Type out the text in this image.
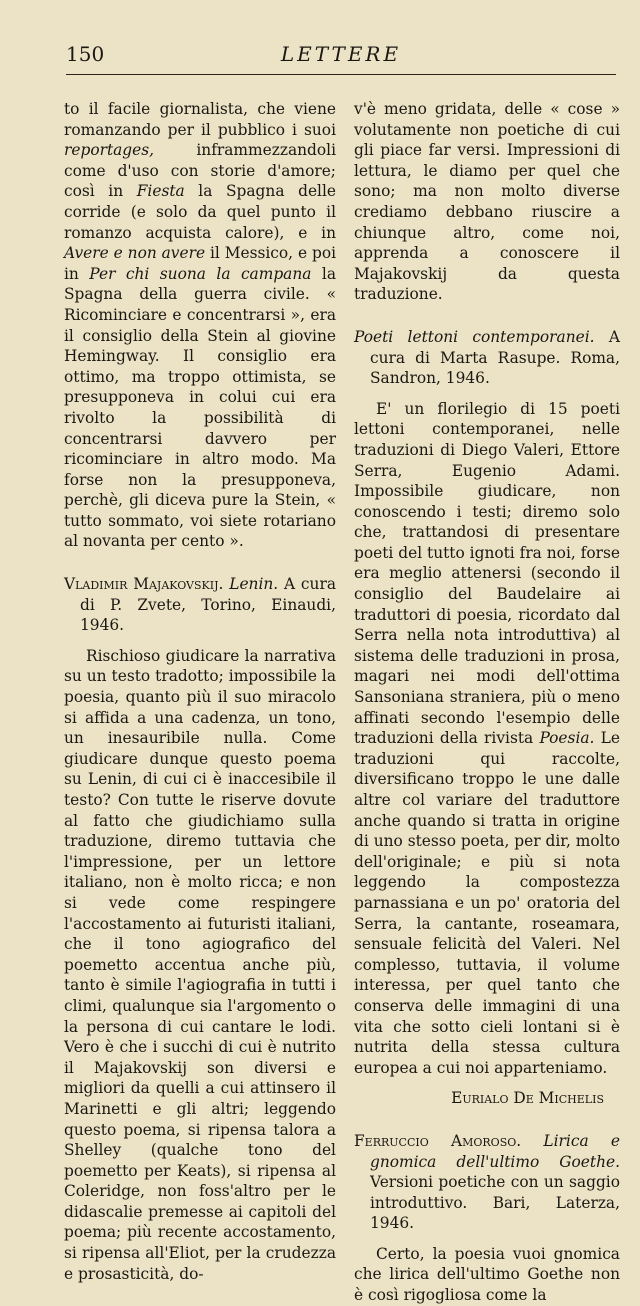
150	LETTERE

to il facile giornalista, che viene romanzando per il pubblico i suoi reportages, inframmezzandoli come d'uso con storie d'amore; così in Fiesta la Spagna delle corride (e solo da quel punto il romanzo acquista calore), e in Avere e non avere il Messico, e poi in Per chi suona la campana la Spagna della guerra civile. « Ricominciare e concentrarsi », era il consiglio della Stein al giovine Hemingway. Il consiglio era ottimo, ma troppo ottimista, se presupponeva in colui cui era rivolto la possibilità di concentrarsi davvero per ricominciare in altro modo. Ma forse non la presupponeva, perchè, gli diceva pure la Stein, « tutto sommato, voi siete rotariano al novanta per cento ».

Vladimir Majakovskij. Lenin. A cura di P. Zvete, Torino, Einaudi, 1946.

Rischioso giudicare la narrativa su un testo tradotto; impossibile la poesia, quanto più il suo miracolo si affida a una cadenza, un tono, un inesauribile nulla. Come giudicare dunque questo poema su Lenin, di cui ci è inaccesibile il testo? Con tutte le riserve dovute al fatto che giudichiamo sulla traduzione, diremo tuttavia che l'impressione, per un lettore italiano, non è molto ricca; e non si vede come respingere l'accostamento ai futuristi italiani, che il tono agiografico del poemetto accentua anche più, tanto è simile l'agiografia in tutti i climi, qualunque sia l'argomento o la persona di cui cantare le lodi. Vero è che i succhi di cui è nutrito il Majakovskij son diversi e migliori da quelli a cui attinsero il Marinetti e gli altri; leggendo questo poema, si ripensa talora a Shelley (qualche tono del poemetto per Keats), si ripensa al Coleridge, non foss'altro per le didascalie premesse ai capitoli del poema; più recente accostamento, si ripensa all'Eliot, per la crudezza e prosasticità, do-

v'è meno gridata, delle « cose » volutamente non poetiche di cui gli piace far versi. Impressioni di lettura, le diamo per quel che sono; ma non molto diverse crediamo debbano riuscire a chiunque altro, come noi, apprenda a conoscere il Majakovskij da questa traduzione.

Poeti lettoni contemporanei. A cura di Marta Rasupe. Roma, Sandron, 1946.

E' un florilegio di 15 poeti lettoni contemporanei, nelle traduzioni di Diego Valeri, Ettore Serra, Eugenio Adami. Impossibile giudicare, non conoscendo i testi; diremo solo che, trattandosi di presentare poeti del tutto ignoti fra noi, forse era meglio attenersi (secondo il consiglio del Baudelaire ai traduttori di poesia, ricordato dal Serra nella nota introduttiva) al sistema delle traduzioni in prosa, magari nei modi dell'ottima Sansoniana straniera, più o meno affinati secondo l'esempio delle traduzioni della rivista Poesia. Le traduzioni qui raccolte, diversificano troppo le une dalle altre col variare del traduttore anche quando si tratta in origine di uno stesso poeta, per dir, molto dell'originale; e più si nota leggendo la compostezza parnassiana e un po' oratoria del Serra, la cantante, roseamara, sensuale felicità del Valeri. Nel complesso, tuttavia, il volume interessa, per quel tanto che conserva delle immagini di una vita che sotto cieli lontani si è nutrita della stessa cultura europea a cui noi apparteniamo.

Eurialo De Michelis

Ferruccio Amoroso. Lirica e gnomica dell'ultimo Goethe. Versioni poetiche con un saggio introduttivo. Bari, Laterza, 1946.

Certo, la poesia vuoi gnomica che lirica dell'ultimo Goethe non è così rigogliosa come la
